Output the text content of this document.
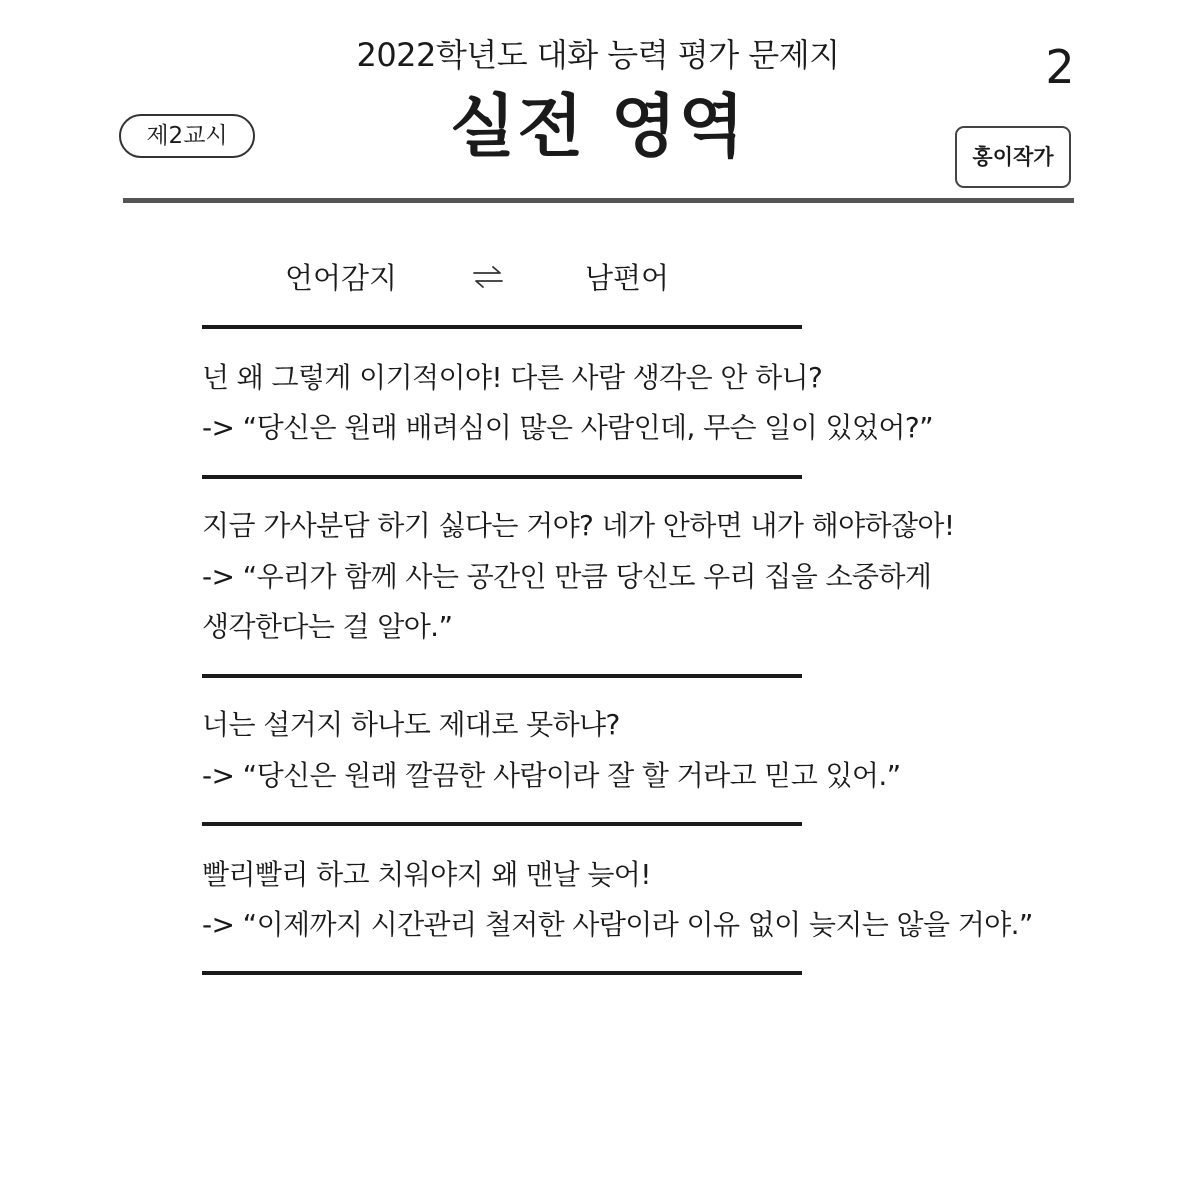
2022학년도 대화 능력 평가 문제지	2
실전 영역
제2교시
홍이작가
언어감지	남편어
넌 왜 그렇게 이기적이야! 다른 사람 생각은 안 하니?
-> “당신은 원래 배려심이 많은 사람인데, 무슨 일이 있었어?”
지금 가사분담 하기 싫다는 거야? 네가 안하면 내가 해야하잖아!
-> “우리가 함께 사는 공간인 만큼 당신도 우리 집을 소중하게
생각한다는 걸 알아.”
너는 설거지 하나도 제대로 못하냐?
-> “당신은 원래 깔끔한 사람이라 잘 할 거라고 믿고 있어.”
빨리빨리 하고 치워야지 왜 맨날 늦어!
-> “이제까지 시간관리 철저한 사람이라 이유 없이 늦지는 않을 거야.”
